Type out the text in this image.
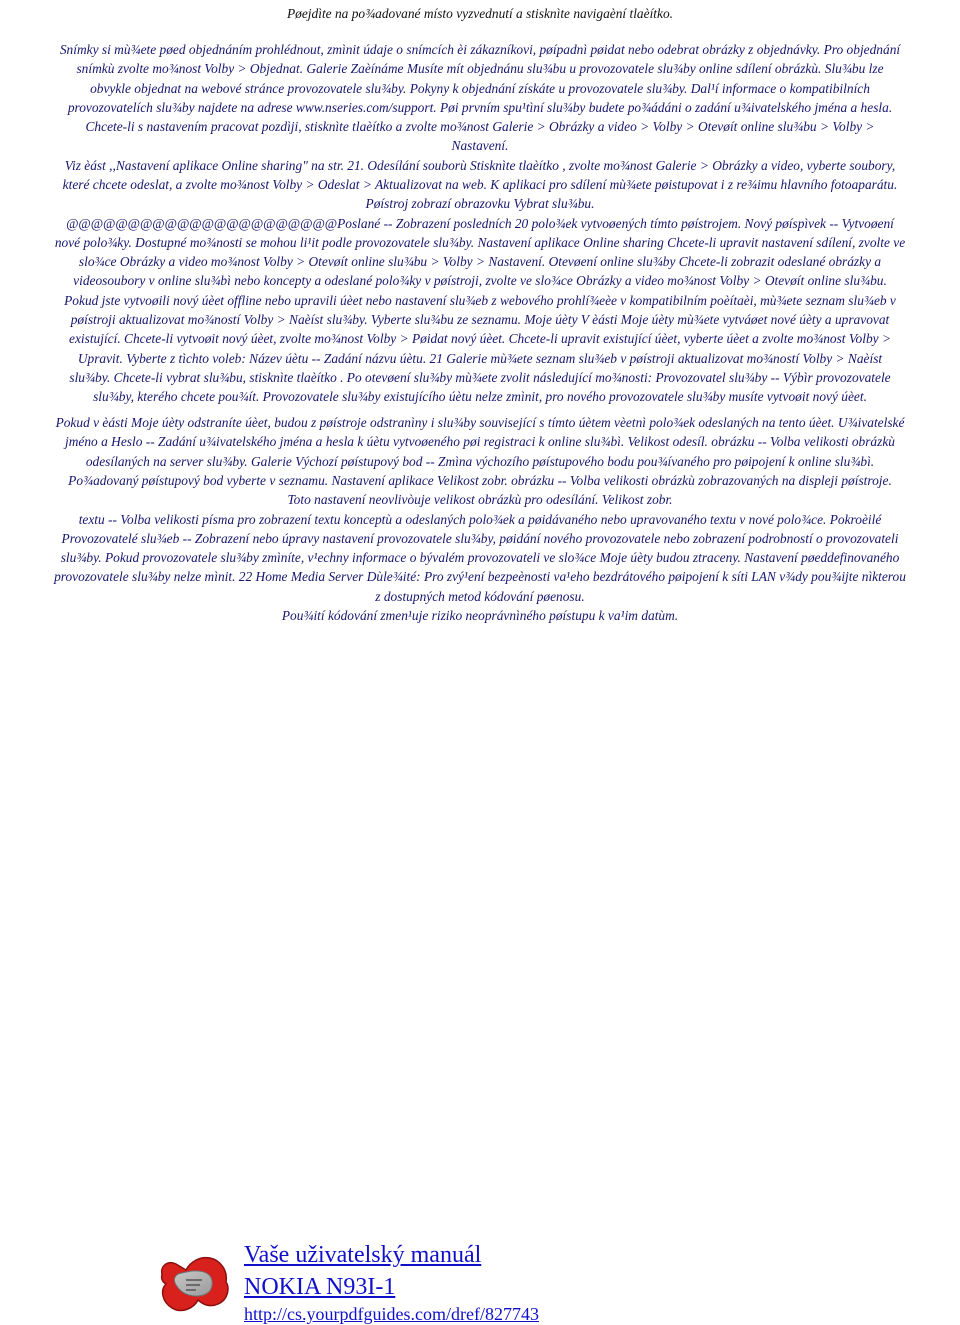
Pøejdìte na po¾adované místo vyzvednutí a stisknìte navigaèní tlaèítko.
Snímky si mù¾ete pøed objednáním prohlédnout, zmìnit údaje o snímcích èi zákazníkovi, pøípadnì pøidat nebo odebrat obrázky z objednávky. Pro objednání
snímkù zvolte mo¾nost Volby > Objednat. Galerie Zaèínáme Musíte mít objednánu slu¾bu u provozovatele slu¾by online sdílení obrázkù. Slu¾bu lze
obvykle objednat na webové stránce provozovatele slu¾by. Pokyny k objednání získáte u provozovatele slu¾by. Dal¹í informace o kompatibilních
provozovatelích slu¾by najdete na adrese www.nseries.com/support. Pøi prvním spu¹tìní slu¾by budete po¾ádáni o zadání u¾ivatelského jména a hesla.
Chcete-li s nastavením pracovat pozdìji, stisknìte tlaèítko a zvolte mo¾nost Galerie > Obrázky a video > Volby > Otevøít online slu¾bu > Volby >
Nastavení.
Viz èást ,,Nastavení aplikace Online sharing" na str. 21. Odesílání souborù Stisknìte tlaèítko , zvolte mo¾nost Galerie > Obrázky a video, vyberte soubory,
které chcete odeslat, a zvolte mo¾nost Volby > Odeslat > Aktualizovat na web. K aplikaci pro sdílení mù¾ete pøistupovat i z re¾imu hlavního fotoaparátu.
Pøístroj zobrazí obrazovku Vybrat slu¾bu.
@@@@@@@@@@@@@@@@@@@@@@Poslané -- Zobrazení posledních 20 polo¾ek vytvoøených tímto pøístrojem. Nový pøíspìvek -- Vytvoøení
nové polo¾ky. Dostupné mo¾nosti se mohou li¹it podle provozovatele slu¾by. Nastavení aplikace Online sharing Chcete-li upravit nastavení sdílení, zvolte ve
slo¾ce Obrázky a video mo¾nost Volby > Otevøít online slu¾bu > Volby > Nastavení. Otevøení online slu¾by Chcete-li zobrazit odeslané obrázky a
videosoubory v online slu¾bì nebo koncepty a odeslané polo¾ky v pøístroji, zvolte ve slo¾ce Obrázky a video mo¾nost Volby > Otevøít online slu¾bu.
Pokud jste vytvoøili nový úèet offline nebo upravili úèet nebo nastavení slu¾eb z webového prohlí¾eèe v kompatibilním poèítaèi, mù¾ete seznam slu¾eb v
pøístroji aktualizovat mo¾ností Volby > Naèíst slu¾by. Vyberte slu¾bu ze seznamu. Moje úèty V èásti Moje úèty mù¾ete vytváøet nové úèty a upravovat
existující. Chcete-li vytvoøit nový úèet, zvolte mo¾nost Volby > Pøidat nový úèet. Chcete-li upravit existující úèet, vyberte úèet a zvolte mo¾nost Volby >
Upravit. Vyberte z tìchto voleb: Název úètu -- Zadání názvu úètu. 21 Galerie mù¾ete seznam slu¾eb v pøístroji aktualizovat mo¾ností Volby > Naèíst
slu¾by. Chcete-li vybrat slu¾bu, stisknìte tlaèítko . Po otevøení slu¾by mù¾ete zvolit následující mo¾nosti: Provozovatel slu¾by -- Výbìr provozovatele
slu¾by, kterého chcete pou¾ít. Provozovatele slu¾by existujícího úètu nelze zmìnit, pro nového provozovatele slu¾by musíte vytvoøit nový úèet.
Pokud v èásti Moje úèty odstraníte úèet, budou z pøístroje odstranìny i slu¾by související s tímto úètem vèetnì polo¾ek odeslaných na tento úèet. U¾ivatelské
jméno a Heslo -- Zadání u¾ivatelského jména a hesla k úètu vytvoøeného pøi registraci k online slu¾bì. Velikost odesíl. obrázku -- Volba velikosti obrázkù
odesílaných na server slu¾by. Galerie Výchozí pøístupový bod -- Zmìna výchozího pøístupového bodu pou¾ívaného pro pøipojení k online slu¾bì.
Po¾adovaný pøístupový bod vyberte v seznamu. Nastavení aplikace Velikost zobr. obrázku -- Volba velikosti obrázkù zobrazovaných na displeji pøístroje.
Toto nastavení neovlivòuje velikost obrázkù pro odesílání. Velikost zobr.
textu -- Volba velikosti písma pro zobrazení textu konceptù a odeslaných polo¾ek a pøidávaného nebo upravovaného textu v nové polo¾ce. Pokroèilé
Provozovatelé slu¾eb -- Zobrazení nebo úpravy nastavení provozovatele slu¾by, pøidání nového provozovatele nebo zobrazení podrobností o provozovateli
slu¾by. Pokud provozovatele slu¾by zmìníte, v¹echny informace o bývalém provozovateli ve slo¾ce Moje úèty budou ztraceny. Nastavení pøeddefinovaného
provozovatele slu¾by nelze mìnit. 22 Home Media Server Dùle¾ité: Pro zvý¹ení bezpeènosti va¹eho bezdrátového pøipojení k síti LAN v¾dy pou¾ijte nìkterou
z dostupných metod kódování pøenosu.
Pou¾ití kódování zmen¹uje riziko neoprávnìného pøístupu k va¹im datùm.
Vaše uživatelský manuál
NOKIA N93I-1
http://cs.yourpdfguides.com/dref/827743
